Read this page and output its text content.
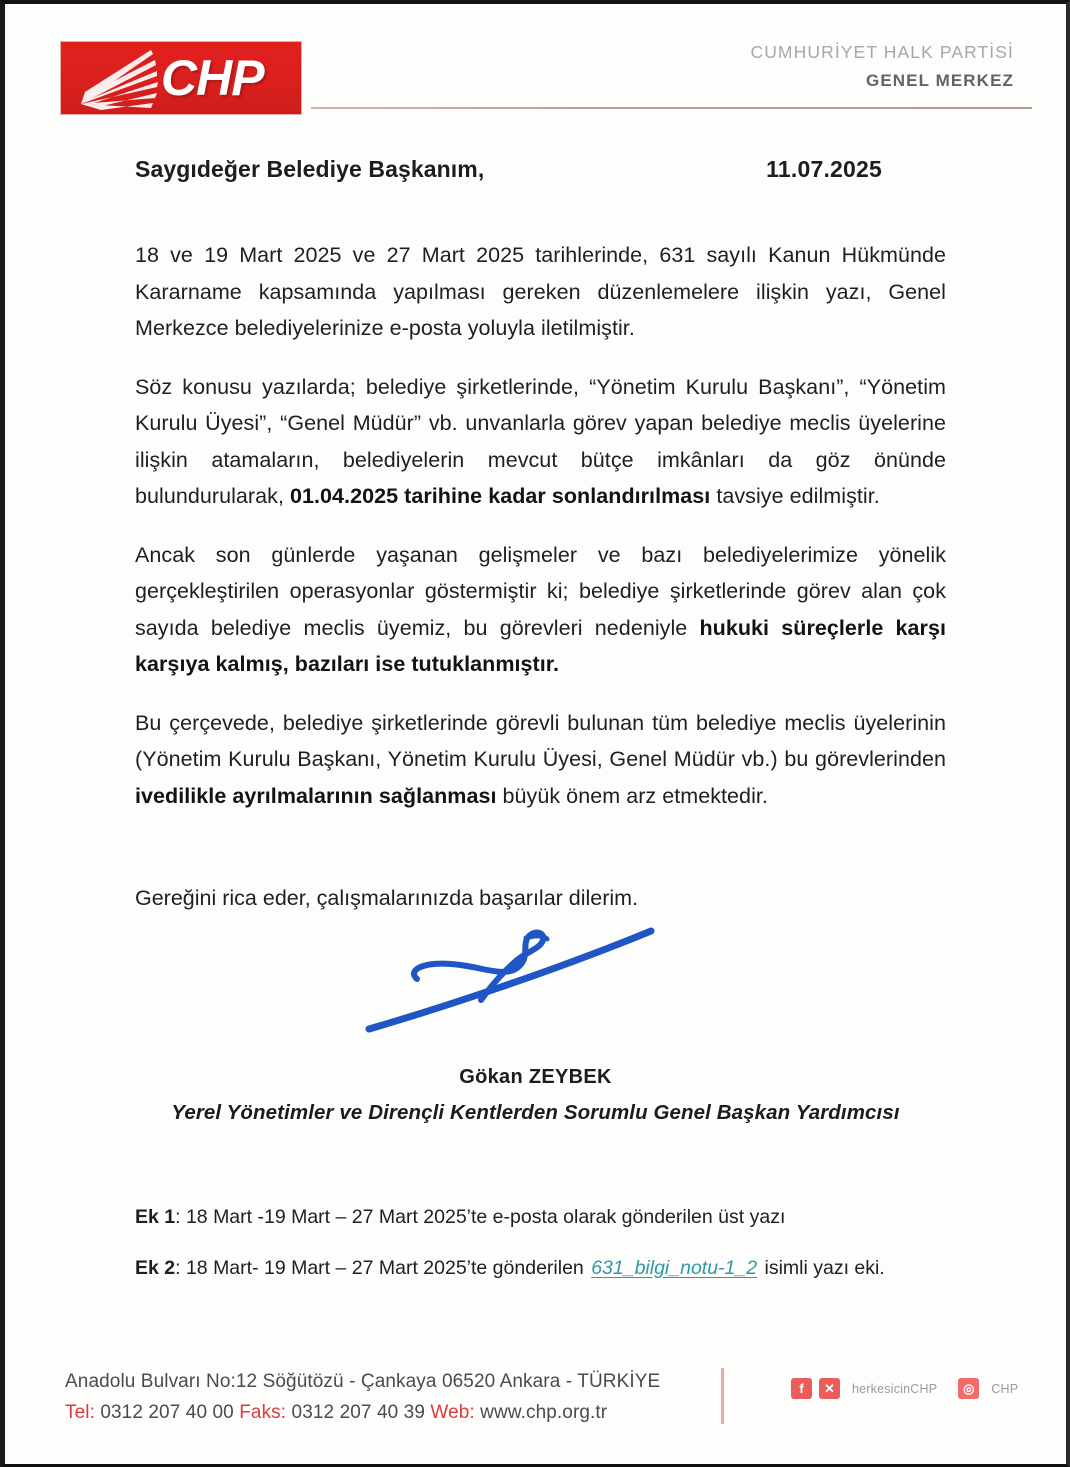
CHP	CUMHURİYET HALK PARTİSİ
GENEL MERKEZ
Saygıdeğer Belediye Başkanım,	11.07.2025

18 ve 19 Mart 2025 ve 27 Mart 2025 tarihlerinde, 631 sayılı Kanun Hükmünde Kararname kapsamında yapılması gereken düzenlemelere ilişkin yazı, Genel Merkezce belediyelerinize e-posta yoluyla iletilmiştir.

Söz konusu yazılarda; belediye şirketlerinde, “Yönetim Kurulu Başkanı”, “Yönetim Kurulu Üyesi”, “Genel Müdür” vb. unvanlarla görev yapan belediye meclis üyelerine ilişkin atamaların, belediyelerin mevcut bütçe imkânları da göz önünde bulundurularak, 01.04.2025 tarihine kadar sonlandırılması tavsiye edilmiştir.

Ancak son günlerde yaşanan gelişmeler ve bazı belediyelerimize yönelik gerçekleştirilen operasyonlar göstermiştir ki; belediye şirketlerinde görev alan çok sayıda belediye meclis üyemiz, bu görevleri nedeniyle hukuki süreçlerle karşı karşıya kalmış, bazıları ise tutuklanmıştır.

Bu çerçevede, belediye şirketlerinde görevli bulunan tüm belediye meclis üyelerinin (Yönetim Kurulu Başkanı, Yönetim Kurulu Üyesi, Genel Müdür vb.) bu görevlerinden ivedilikle ayrılmalarının sağlanması büyük önem arz etmektedir.

Gereğini rica eder, çalışmalarınızda başarılar dilerim.

Gökan ZEYBEK
Yerel Yönetimler ve Dirençli Kentlerden Sorumlu Genel Başkan Yardımcısı
Ek 1: 18 Mart -19 Mart – 27 Mart 2025’te e-posta olarak gönderilen üst yazı
Ek 2: 18 Mart- 19 Mart – 27 Mart 2025’te gönderilen 631_bilgi_notu-1_2 isimli yazı eki.
Anadolu Bulvarı No:12 Söğütözü - Çankaya 06520 Ankara - TÜRKİYE
Tel: 0312 207 40 00 Faks: 0312 207 40 39 Web: www.chp.org.tr
f	✕	herkesicinCHP	◎	CHP
